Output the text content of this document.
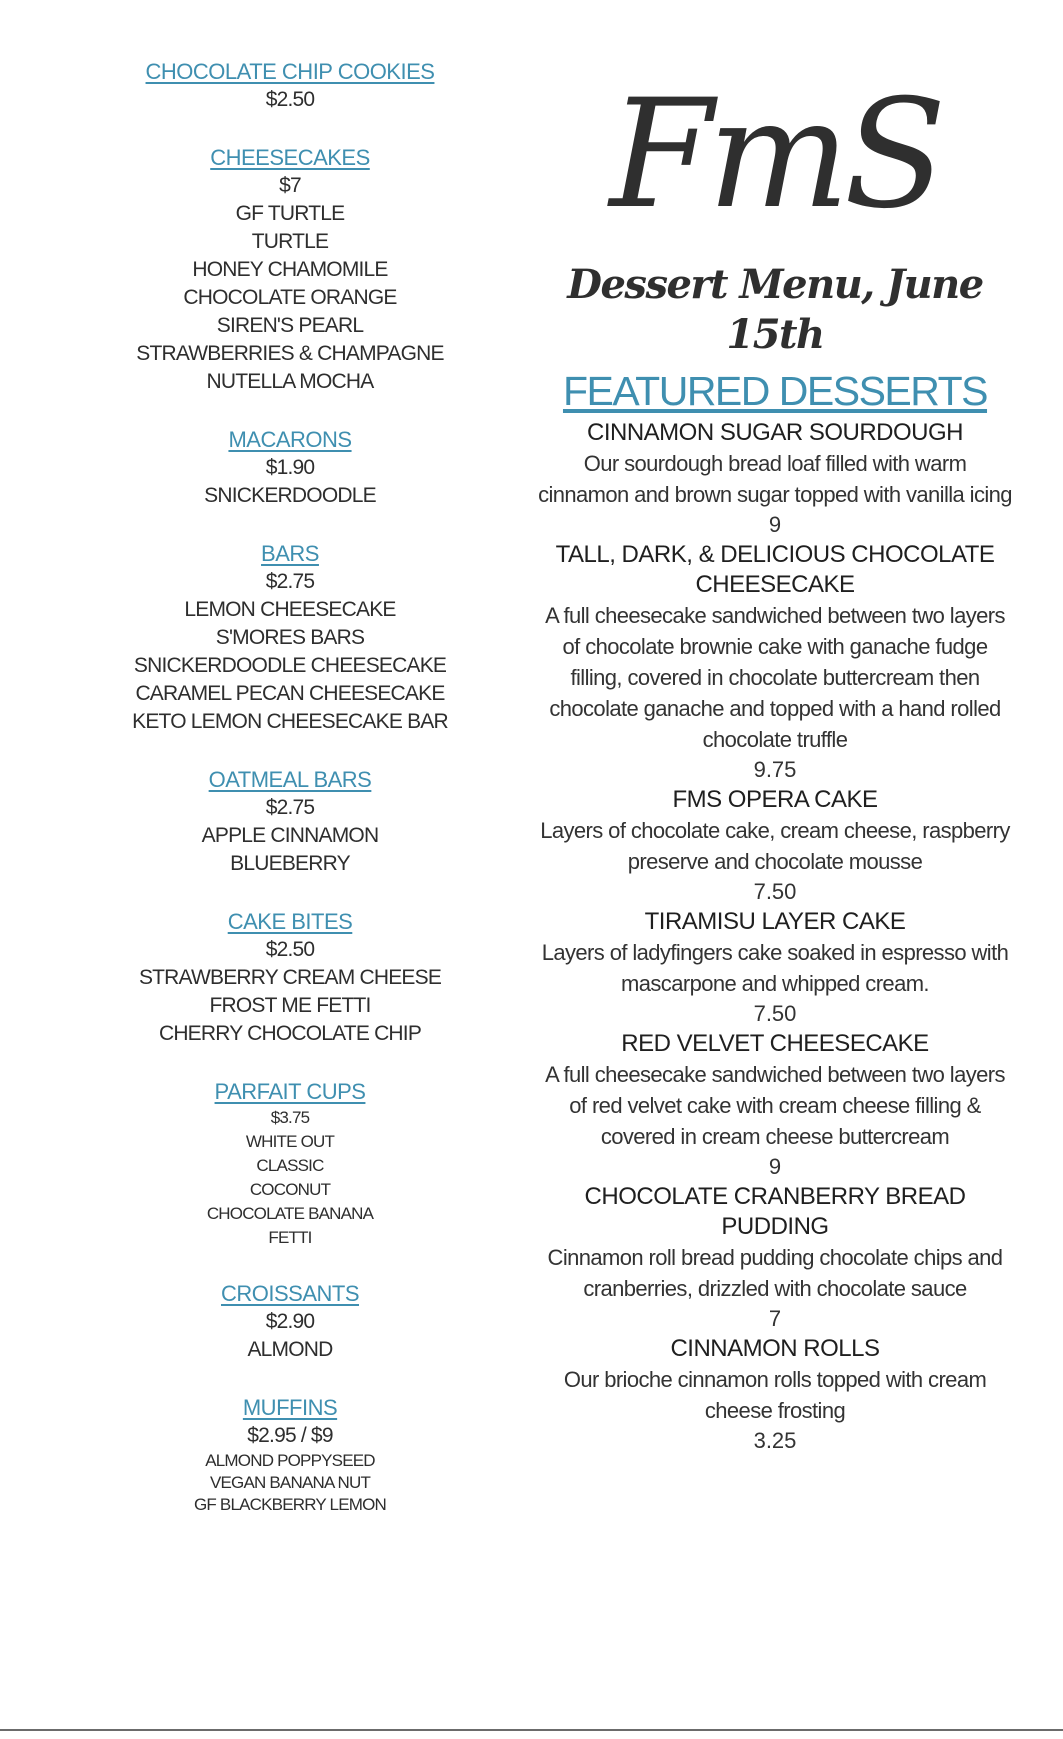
CHOCOLATE CHIP COOKIES
$2.50
CHEESECAKES
$7
GF TURTLE
TURTLE
HONEY CHAMOMILE
CHOCOLATE ORANGE
SIREN'S PEARL
STRAWBERRIES & CHAMPAGNE
NUTELLA MOCHA
MACARONS
$1.90
SNICKERDOODLE
BARS
$2.75
LEMON CHEESECAKE
S'MORES BARS
SNICKERDOODLE CHEESECAKE
CARAMEL PECAN CHEESECAKE
KETO LEMON CHEESECAKE BAR
OATMEAL BARS
$2.75
APPLE CINNAMON
BLUEBERRY
CAKE BITES
$2.50
STRAWBERRY CREAM CHEESE
FROST ME FETTI
CHERRY CHOCOLATE CHIP
PARFAIT CUPS
$3.75
WHITE OUT
CLASSIC
COCONUT
CHOCOLATE BANANA
FETTI
CROISSANTS
$2.90
ALMOND
MUFFINS
$2.95 / $9
ALMOND POPPYSEED
VEGAN BANANA NUT
GF BLACKBERRY LEMON
FmS
Dessert Menu, June 15th
FEATURED DESSERTS
CINNAMON SUGAR SOURDOUGH
Our sourdough bread loaf filled with warm cinnamon and brown sugar topped with vanilla icing
9
TALL, DARK, & DELICIOUS CHOCOLATE CHEESECAKE
A full cheesecake sandwiched between two layers of chocolate brownie cake with ganache fudge filling, covered in chocolate buttercream then chocolate ganache and topped with a hand rolled chocolate truffle
9.75
FMS OPERA CAKE
Layers of chocolate cake, cream cheese, raspberry preserve and chocolate mousse
7.50
TIRAMISU LAYER CAKE
Layers of ladyfingers cake soaked in espresso with mascarpone and whipped cream.
7.50
RED VELVET CHEESECAKE
A full cheesecake sandwiched between two layers of red velvet cake with cream cheese filling & covered in cream cheese buttercream
9
CHOCOLATE CRANBERRY BREAD PUDDING
Cinnamon roll bread pudding chocolate chips and cranberries, drizzled with chocolate sauce
7
CINNAMON ROLLS
Our brioche cinnamon rolls topped with cream cheese frosting
3.25
